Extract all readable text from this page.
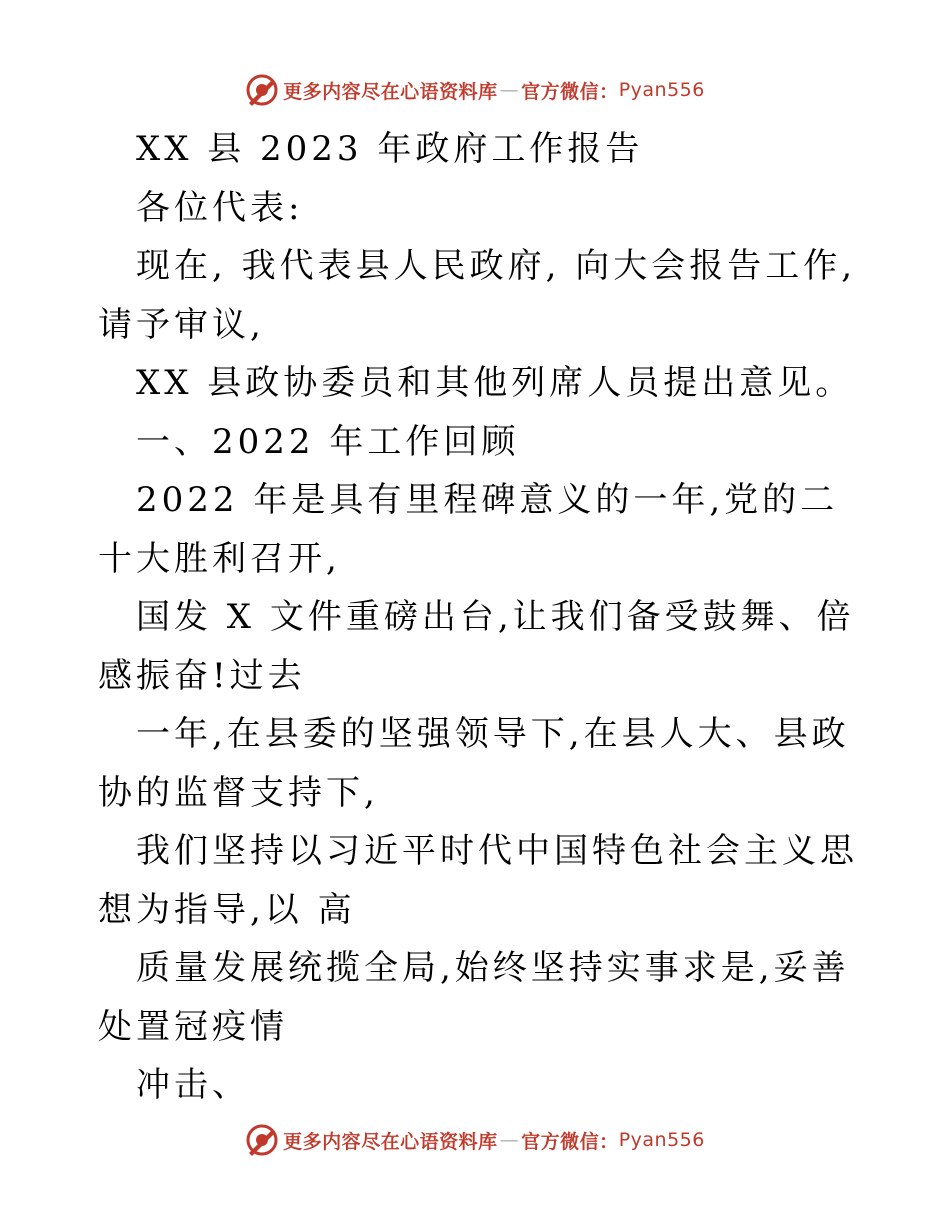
更多内容尽在心语资料库 — 官方微信： Pyan556

XX 县 2023 年政府工作报告

各位代表:

现在, 我代表县人民政府, 向大会报告工作, 请予审议,

XX 县政协委员和其他列席人员提出意见。

一、2022 年工作回顾

2022 年是具有里程碑意义的一年,党的二十大胜利召开,

国发 X 文件重磅出台,让我们备受鼓舞、倍感振奋!过去

一年,在县委的坚强领导下,在县人大、县政协的监督支持下,

我们坚持以习近平时代中国特色社会主义思想为指导,以 高

质量发展统揽全局,始终坚持实事求是,妥善处置冠疫情

冲击、

更多内容尽在心语资料库 — 官方微信： Pyan556
